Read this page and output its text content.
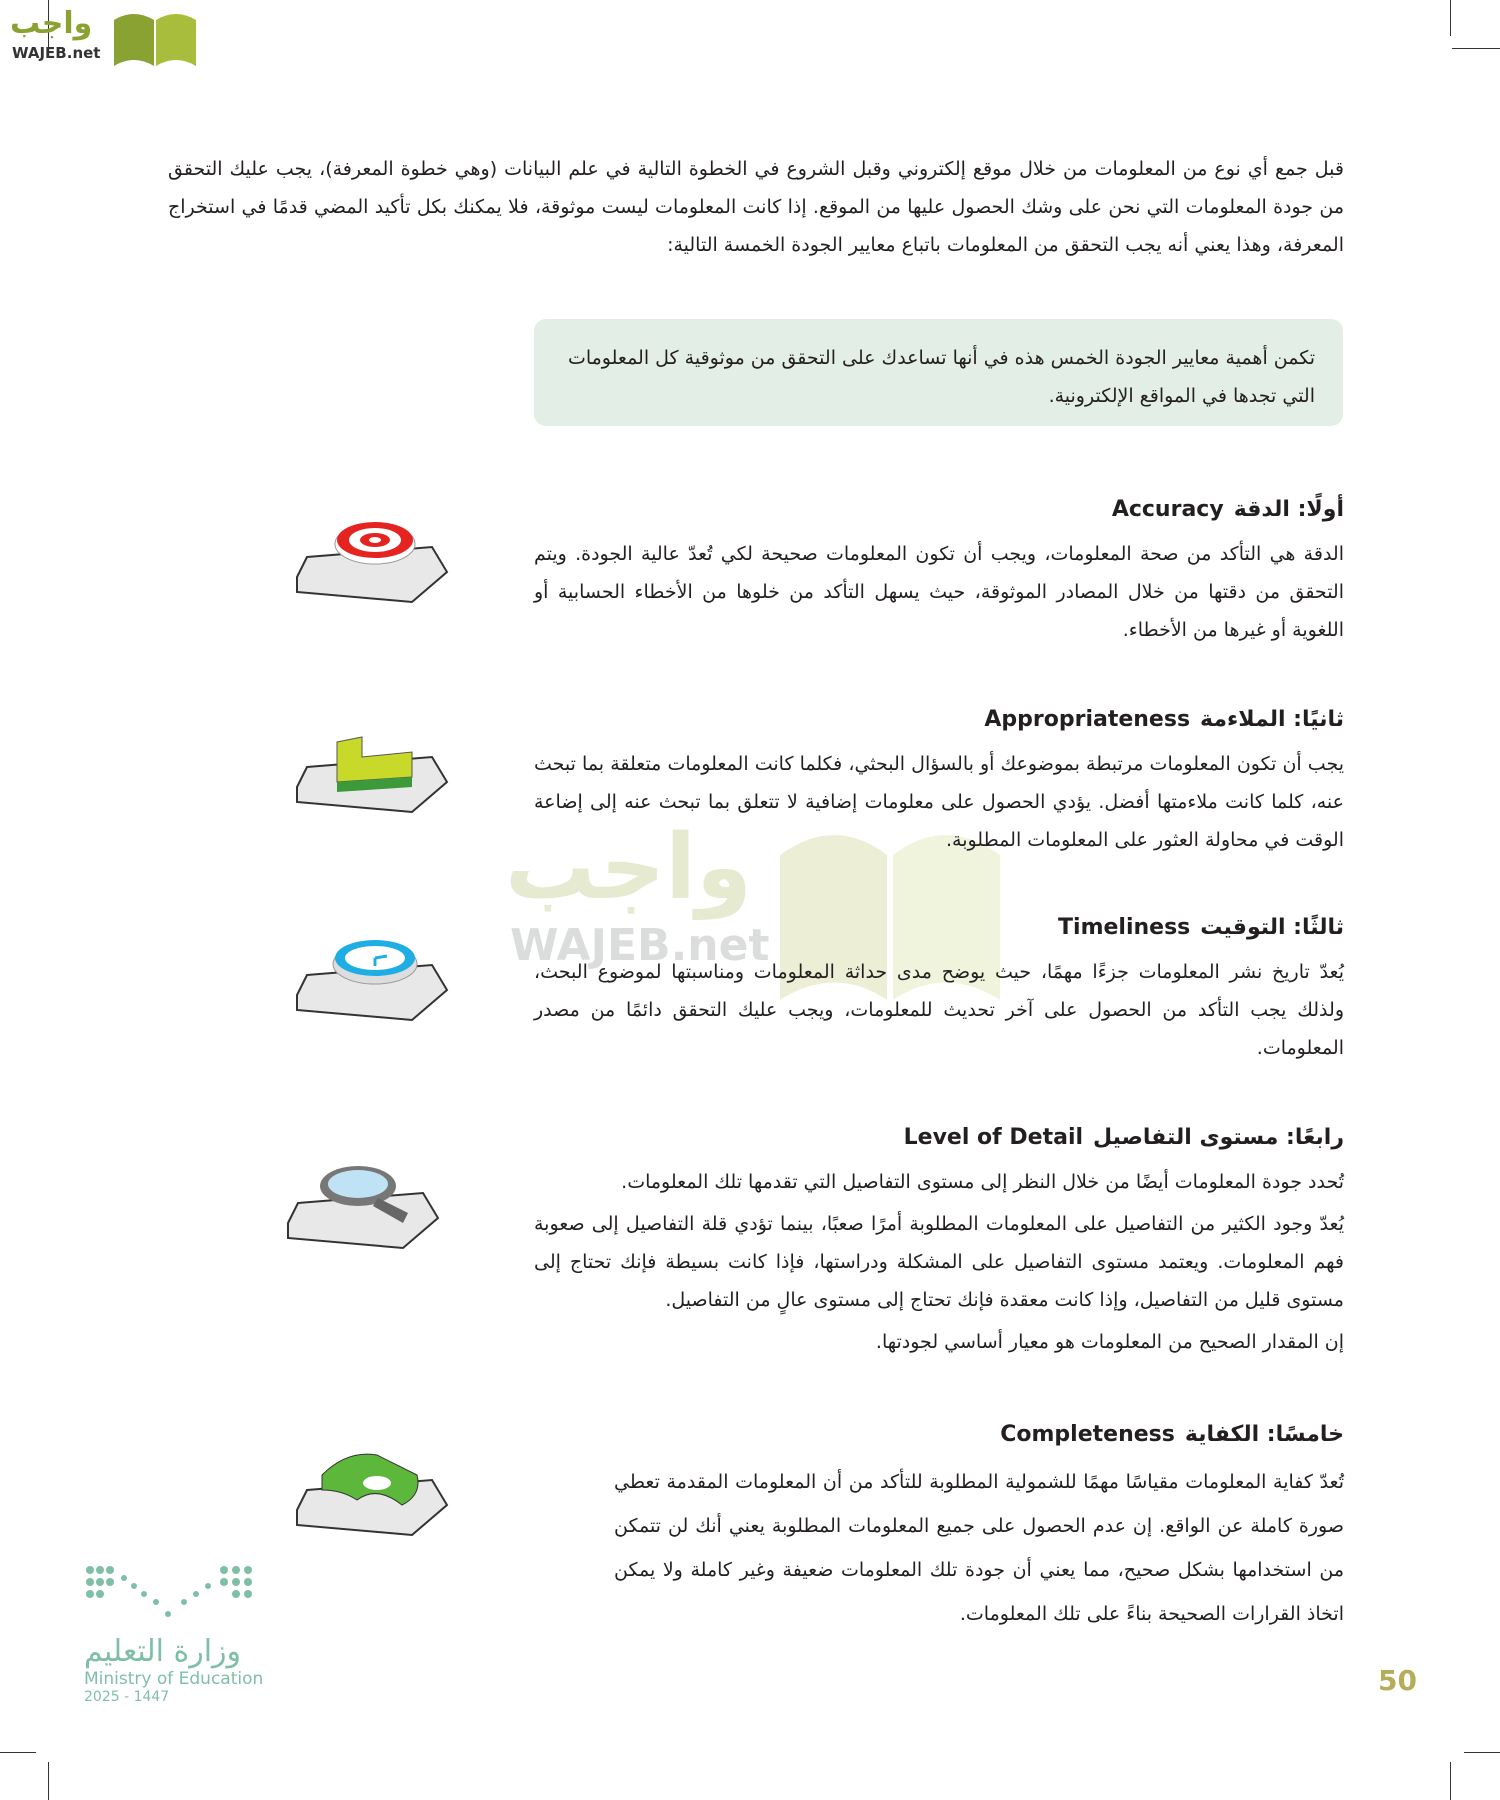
واجب
WAJEB.net
قبل جمع أي نوع من المعلومات من خلال موقع إلكتروني وقبل الشروع في الخطوة التالية في علم البيانات (وهي خطوة المعرفة)، يجب عليك التحقق من جودة المعلومات التي نحن على وشك الحصول عليها من الموقع. إذا كانت المعلومات ليست موثوقة، فلا يمكنك بكل تأكيد المضي قدمًا في استخراج المعرفة، وهذا يعني أنه يجب التحقق من المعلومات باتباع معايير الجودة الخمسة التالية:

تكمن أهمية معايير الجودة الخمس هذه في أنها تساعدك على التحقق من موثوقية كل المعلومات التي تجدها في المواقع الإلكترونية.

واجب
WAJEB.net
أولًا: الدقةAccuracy

الدقة هي التأكد من صحة المعلومات، ويجب أن تكون المعلومات صحيحة لكي تُعدّ عالية الجودة. ويتم التحقق من دقتها من خلال المصادر الموثوقة، حيث يسهل التأكد من خلوها من الأخطاء الحسابية أو اللغوية أو غيرها من الأخطاء.

ثانيًا: الملاءمةAppropriateness

يجب أن تكون المعلومات مرتبطة بموضوعك أو بالسؤال البحثي، فكلما كانت المعلومات متعلقة بما تبحث عنه، كلما كانت ملاءمتها أفضل. يؤدي الحصول على معلومات إضافية لا تتعلق بما تبحث عنه إلى إضاعة الوقت في محاولة العثور على المعلومات المطلوبة.

ثالثًا: التوقيتTimeliness

يُعدّ تاريخ نشر المعلومات جزءًا مهمًا، حيث يوضح مدى حداثة المعلومات ومناسبتها لموضوع البحث، ولذلك يجب التأكد من الحصول على آخر تحديث للمعلومات، ويجب عليك التحقق دائمًا من مصدر المعلومات.

رابعًا: مستوى التفاصيلLevel of Detail

تُحدد جودة المعلومات أيضًا من خلال النظر إلى مستوى التفاصيل التي تقدمها تلك المعلومات.

يُعدّ وجود الكثير من التفاصيل على المعلومات المطلوبة أمرًا صعبًا، بينما تؤدي قلة التفاصيل إلى صعوبة فهم المعلومات. ويعتمد مستوى التفاصيل على المشكلة ودراستها، فإذا كانت بسيطة فإنك تحتاج إلى مستوى قليل من التفاصيل، وإذا كانت معقدة فإنك تحتاج إلى مستوى عالٍ من التفاصيل.

إن المقدار الصحيح من المعلومات هو معيار أساسي لجودتها.

خامسًا: الكفايةCompleteness

تُعدّ كفاية المعلومات مقياسًا مهمًا للشمولية المطلوبة للتأكد من أن المعلومات المقدمة تعطي صورة كاملة عن الواقع. إن عدم الحصول على جميع المعلومات المطلوبة يعني أنك لن تتمكن من استخدامها بشكل صحيح، مما يعني أن جودة تلك المعلومات ضعيفة وغير كاملة ولا يمكن اتخاذ القرارات الصحيحة بناءً على تلك المعلومات.

وزارة التعليم
Ministry of Education
2025 - 1447	50
